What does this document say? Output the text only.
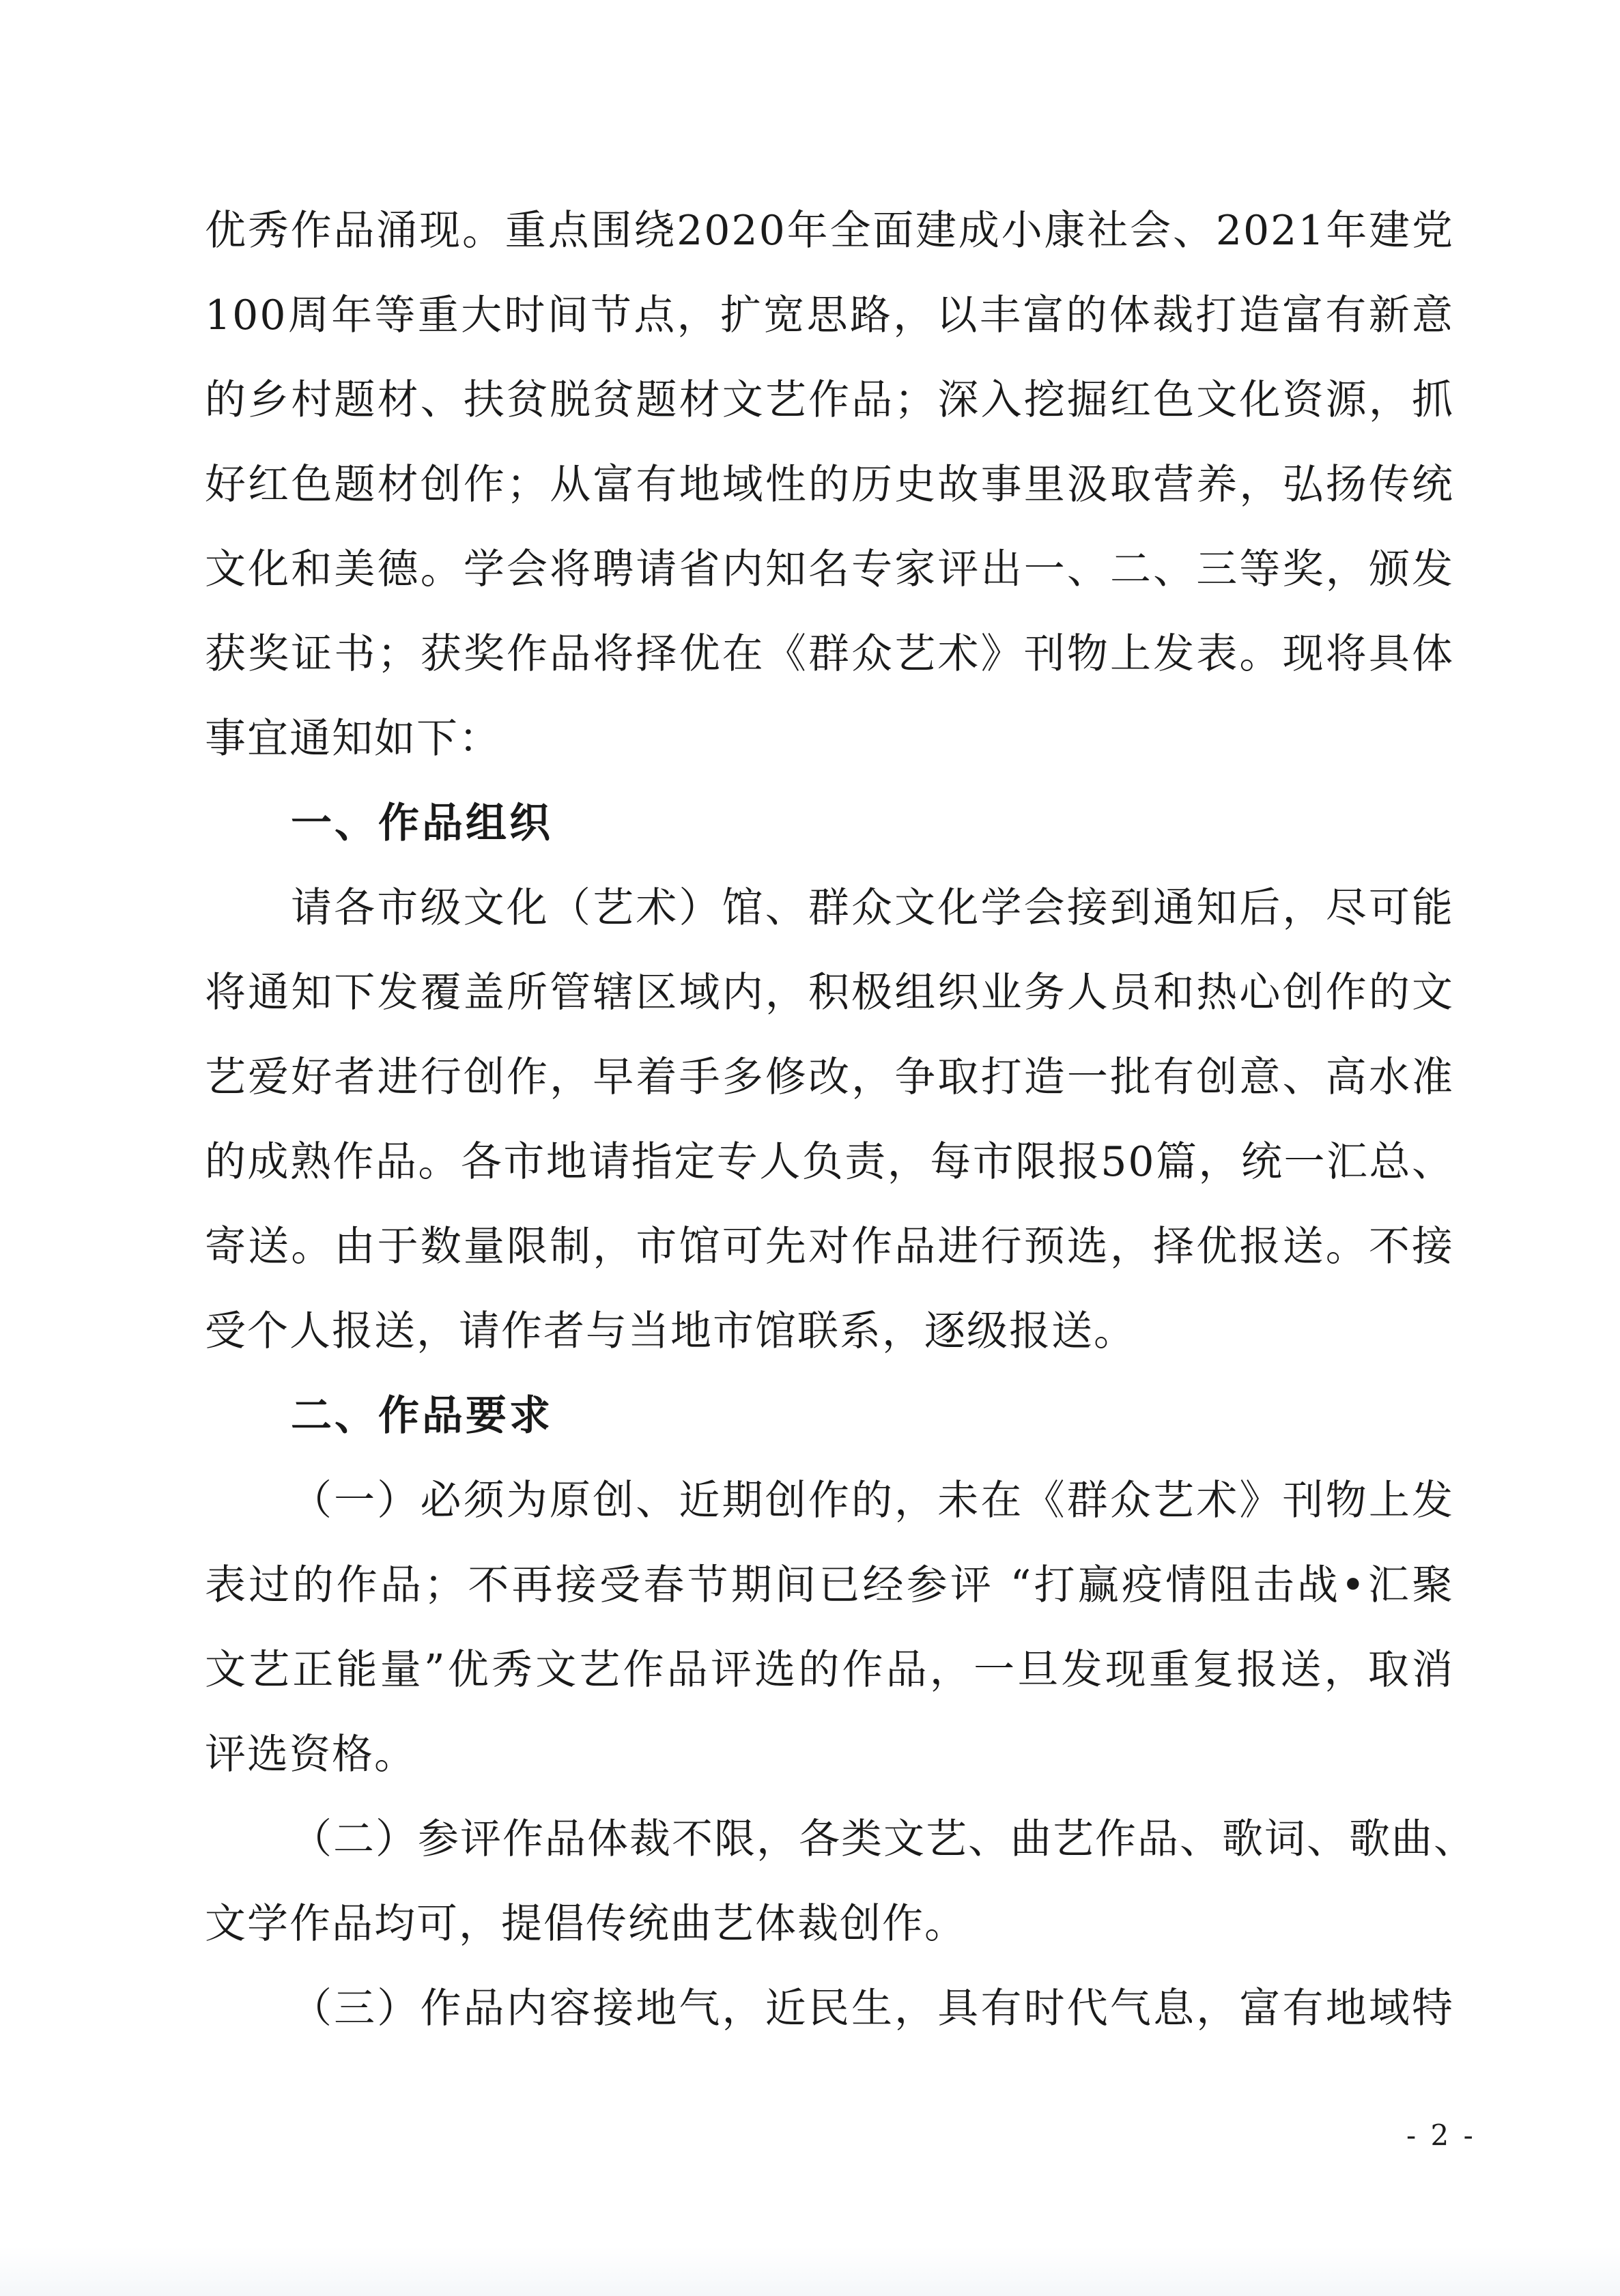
优秀作品涌现。重点围绕2020年全面建成小康社会、2021年建党
100周年等重大时间节点，扩宽思路，以丰富的体裁打造富有新意
的乡村题材、扶贫脱贫题材文艺作品；深入挖掘红色文化资源，抓
好红色题材创作；从富有地域性的历史故事里汲取营养，弘扬传统
文化和美德。学会将聘请省内知名专家评出一、二、三等奖，颁发
获奖证书；获奖作品将择优在《群众艺术》刊物上发表。现将具体
事宜通知如下：
一、作品组织
请各市级文化（艺术）馆、群众文化学会接到通知后，尽可能
将通知下发覆盖所管辖区域内，积极组织业务人员和热心创作的文
艺爱好者进行创作，早着手多修改，争取打造一批有创意、高水准
的成熟作品。各市地请指定专人负责，每市限报50篇，统一汇总、
寄送。由于数量限制，市馆可先对作品进行预选，择优报送。不接
受个人报送，请作者与当地市馆联系，逐级报送。
二、作品要求
（一）必须为原创、近期创作的，未在《群众艺术》刊物上发
表过的作品；不再接受春节期间已经参评 “打赢疫情阻击战•汇聚
文艺正能量”优秀文艺作品评选的作品，一旦发现重复报送，取消
评选资格。
（二）参评作品体裁不限，各类文艺、曲艺作品、歌词、歌曲、
文学作品均可，提倡传统曲艺体裁创作。
（三）作品内容接地气，近民生，具有时代气息，富有地域特
- 2 -
